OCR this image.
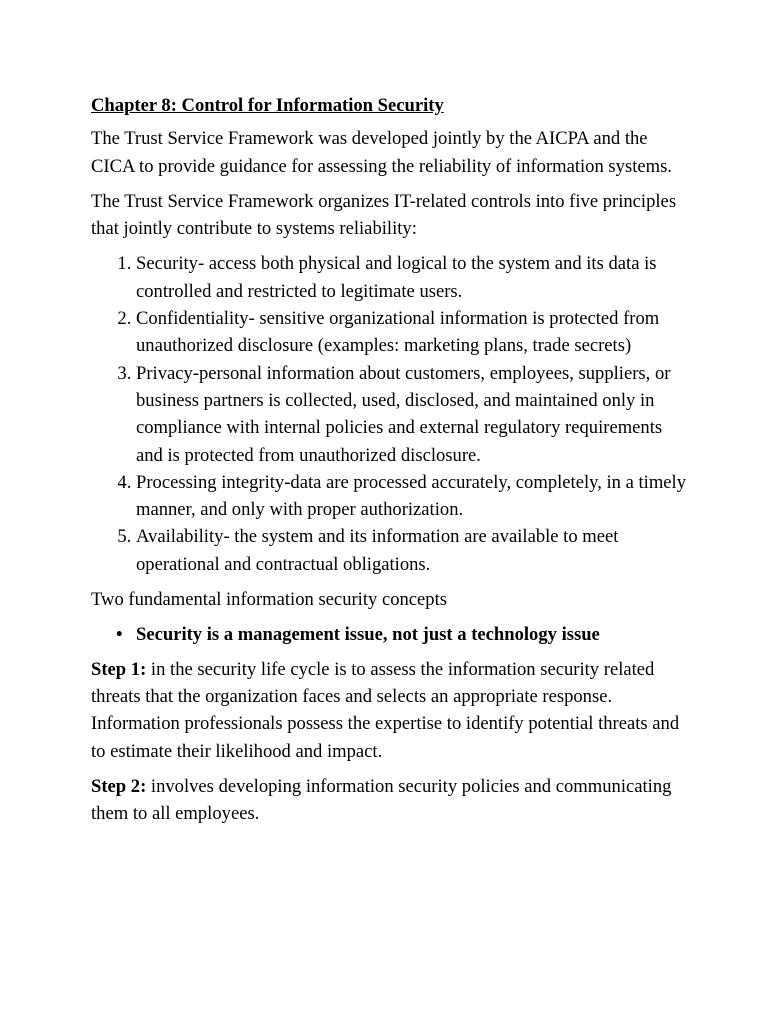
Chapter 8: Control for Information Security

The Trust Service Framework was developed jointly by the AICPA and the CICA to provide guidance for assessing the reliability of information systems.

The Trust Service Framework organizes IT-related controls into five principles that jointly contribute to systems reliability:

1. Security- access both physical and logical to the system and its data is controlled and restricted to legitimate users.
2. Confidentiality- sensitive organizational information is protected from unauthorized disclosure (examples: marketing plans, trade secrets)
3. Privacy-personal information about customers, employees, suppliers, or business partners is collected, used, disclosed, and maintained only in compliance with internal policies and external regulatory requirements and is protected from unauthorized disclosure.
4. Processing integrity-data are processed accurately, completely, in a timely manner, and only with proper authorization.
5. Availability- the system and its information are available to meet operational and contractual obligations.

Two fundamental information security concepts

• Security is a management issue, not just a technology issue

Step 1: in the security life cycle is to assess the information security related threats that the organization faces and selects an appropriate response. Information professionals possess the expertise to identify potential threats and to estimate their likelihood and impact.

Step 2: involves developing information security policies and communicating them to all employees.
